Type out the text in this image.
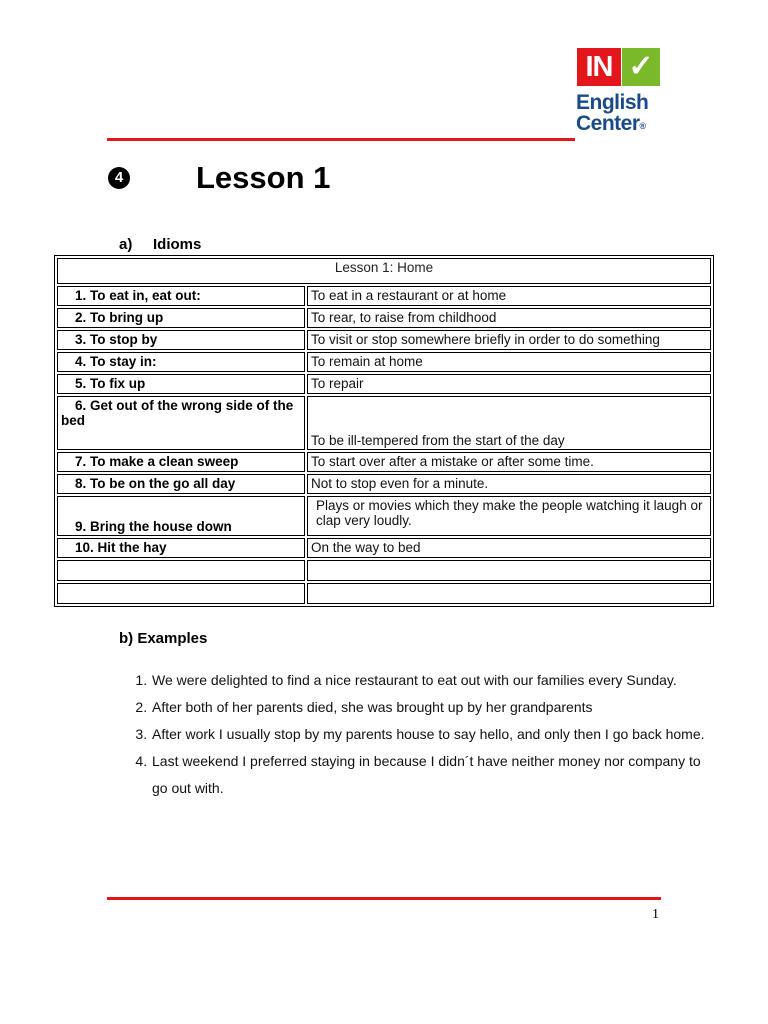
IN ✓
English
Center®
4 Lesson 1
a) Idioms
Lesson 1: Home	
1. To eat in, eat out:	To eat in a restaurant or at home
2. To bring up	To rear, to raise from childhood
3. To stop by	To visit or stop somewhere briefly in order to do something
4. To stay in:	To remain at home
5. To fix up	To repair
6. Get out of the wrong side of the bed	To be ill-tempered from the start of the day
7. To make a clean sweep	To start over after a mistake or after some time.
8. To be on the go all day	Not to stop even for a minute.
9. Bring the house down	Plays or movies which they make the people watching it laugh or clap very loudly.
10. Hit the hay	On the way to bed

b) Examples
1. We were delighted to find a nice restaurant to eat out with our families every Sunday.
2. After both of her parents died, she was brought up by her grandparents
3. After work I usually stop by my parents house to say hello, and only then I go back home.
4. Last weekend I preferred staying in because I didn´t have neither money nor company to go out with.
1
